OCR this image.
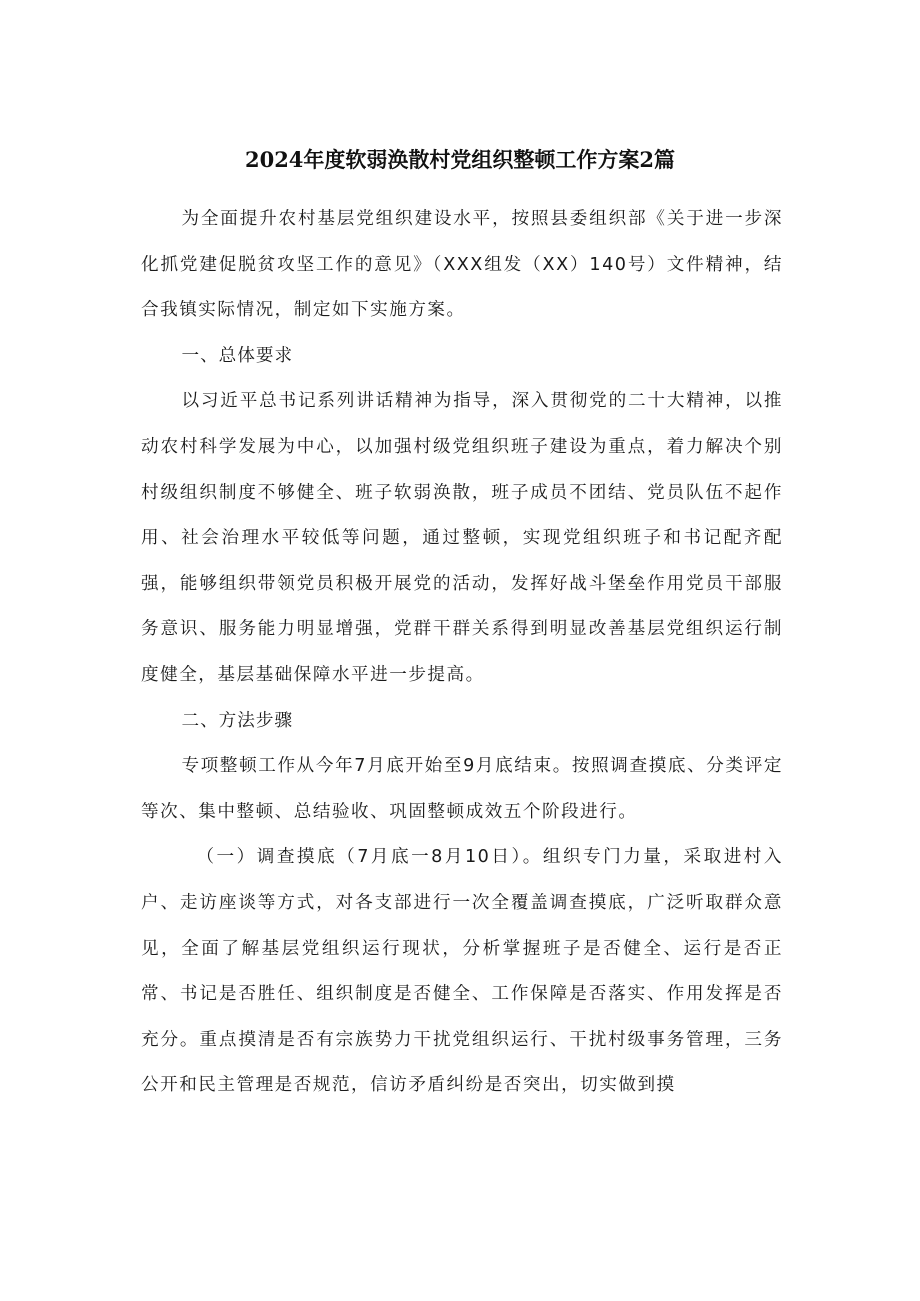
2024年度软弱涣散村党组织整顿工作方案2篇

为全面提升农村基层党组织建设水平，按照县委组织部《关于进一步深化抓党建促脱贫攻坚工作的意见》（XXX组发（XX）140号）文件精神，结合我镇实际情况，制定如下实施方案。

一、总体要求

以习近平总书记系列讲话精神为指导，深入贯彻党的二十大精神，以推动农村科学发展为中心，以加强村级党组织班子建设为重点，着力解决个别村级组织制度不够健全、班子软弱涣散，班子成员不团结、党员队伍不起作用、社会治理水平较低等问题，通过整顿，实现党组织班子和书记配齐配强，能够组织带领党员积极开展党的活动，发挥好战斗堡垒作用党员干部服务意识、服务能力明显增强，党群干群关系得到明显改善基层党组织运行制度健全，基层基础保障水平进一步提高。

二、方法步骤

专项整顿工作从今年7月底开始至9月底结束。按照调查摸底、分类评定等次、集中整顿、总结验收、巩固整顿成效五个阶段进行。

（一）调查摸底（7月底一8月10日）。组织专门力量，采取进村入户、走访座谈等方式，对各支部进行一次全覆盖调查摸底，广泛听取群众意见，全面了解基层党组织运行现状，分析掌握班子是否健全、运行是否正常、书记是否胜任、组织制度是否健全、工作保障是否落实、作用发挥是否充分。重点摸清是否有宗族势力干扰党组织运行、干扰村级事务管理，三务公开和民主管理是否规范，信访矛盾纠纷是否突出，切实做到摸
